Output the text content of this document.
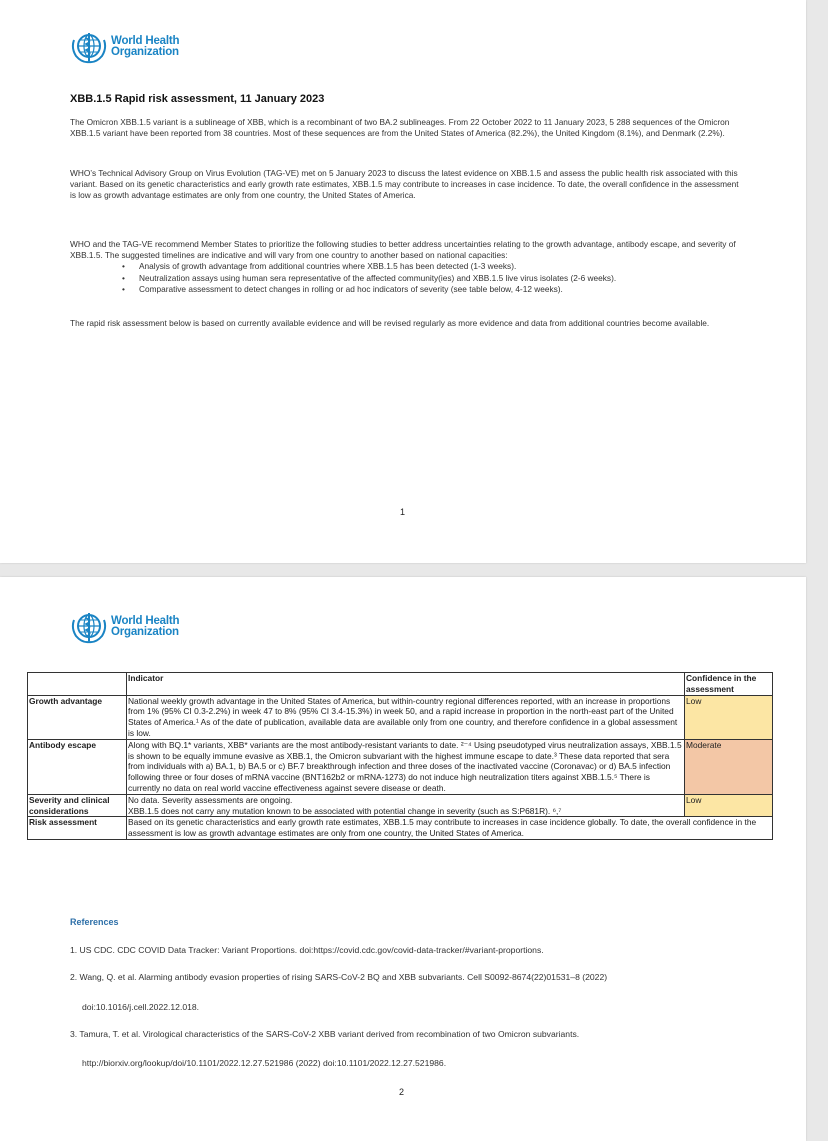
World Health
Organization
XBB.1.5 Rapid risk assessment, 11 January 2023

The Omicron XBB.1.5 variant is a sublineage of XBB, which is a recombinant of two BA.2 sublineages. From 22 October 2022 to 11 January 2023, 5 288 sequences of the Omicron XBB.1.5 variant have been reported from 38 countries. Most of these sequences are from the United States of America (82.2%), the United Kingdom (8.1%), and Denmark (2.2%).

WHO’s Technical Advisory Group on Virus Evolution (TAG-VE) met on 5 January 2023 to discuss the latest evidence on XBB.1.5 and assess the public health risk associated with this variant. Based on its genetic characteristics and early growth rate estimates, XBB.1.5 may contribute to increases in case incidence. To date, the overall confidence in the assessment is low as growth advantage estimates are only from one country, the United States of America.

WHO and the TAG-VE recommend Member States to prioritize the following studies to better address uncertainties relating to the growth advantage, antibody escape, and severity of XBB.1.5. The suggested timelines are indicative and will vary from one country to another based on national capacities:
• Analysis of growth advantage from additional countries where XBB.1.5 has been detected (1-3 weeks).
• Neutralization assays using human sera representative of the affected community(ies) and XBB.1.5 live virus isolates (2-6 weeks).
• Comparative assessment to detect changes in rolling or ad hoc indicators of severity (see table below, 4-12 weeks).

The rapid risk assessment below is based on currently available evidence and will be revised regularly as more evidence and data from additional countries become available.

1
World Health
Organization
	Indicator	Confidence in the assessment
Growth advantage	National weekly growth advantage in the United States of America, but within-country regional differences reported, with an increase in proportions from 1% (95% CI 0.3-2.2%) in week 47 to 8% (95% CI 3.4-15.3%) in week 50, and a rapid increase in proportion in the north-east part of the United States of America.¹ As of the date of publication, available data are available only from one country, and therefore confidence in a global assessment is low.	Low
Antibody escape	Along with BQ.1* variants, XBB* variants are the most antibody-resistant variants to date. ²⁻⁴ Using pseudotyped virus neutralization assays, XBB.1.5 is shown to be equally immune evasive as XBB.1, the Omicron subvariant with the highest immune escape to date.³ These data reported that sera from individuals with a) BA.1, b) BA.5 or c) BF.7 breakthrough infection and three doses of the inactivated vaccine (Coronavac) or d) BA.5 infection following three or four doses of mRNA vaccine (BNT162b2 or mRNA-1273) do not induce high neutralization titers against XBB.1.5.⁵ There is currently no data on real world vaccine effectiveness against severe disease or death.	Moderate
Severity and clinical considerations	No data. Severity assessments are ongoing.
XBB.1.5 does not carry any mutation known to be associated with potential change in severity (such as S:P681R). ⁶,⁷	Low
Risk assessment	Based on its genetic characteristics and early growth rate estimates, XBB.1.5 may contribute to increases in case incidence globally. To date, the overall confidence in the assessment is low as growth advantage estimates are only from one country, the United States of America.	
References
1. US CDC. CDC COVID Data Tracker: Variant Proportions. doi:https://covid.cdc.gov/covid-data-tracker/#variant-proportions.
2. Wang, Q. et al. Alarming antibody evasion properties of rising SARS-CoV-2 BQ and XBB subvariants. Cell S0092-8674(22)01531–8 (2022)
doi:10.1016/j.cell.2022.12.018.
3. Tamura, T. et al. Virological characteristics of the SARS-CoV-2 XBB variant derived from recombination of two Omicron subvariants.
http://biorxiv.org/lookup/doi/10.1101/2022.12.27.521986 (2022) doi:10.1101/2022.12.27.521986.
2
